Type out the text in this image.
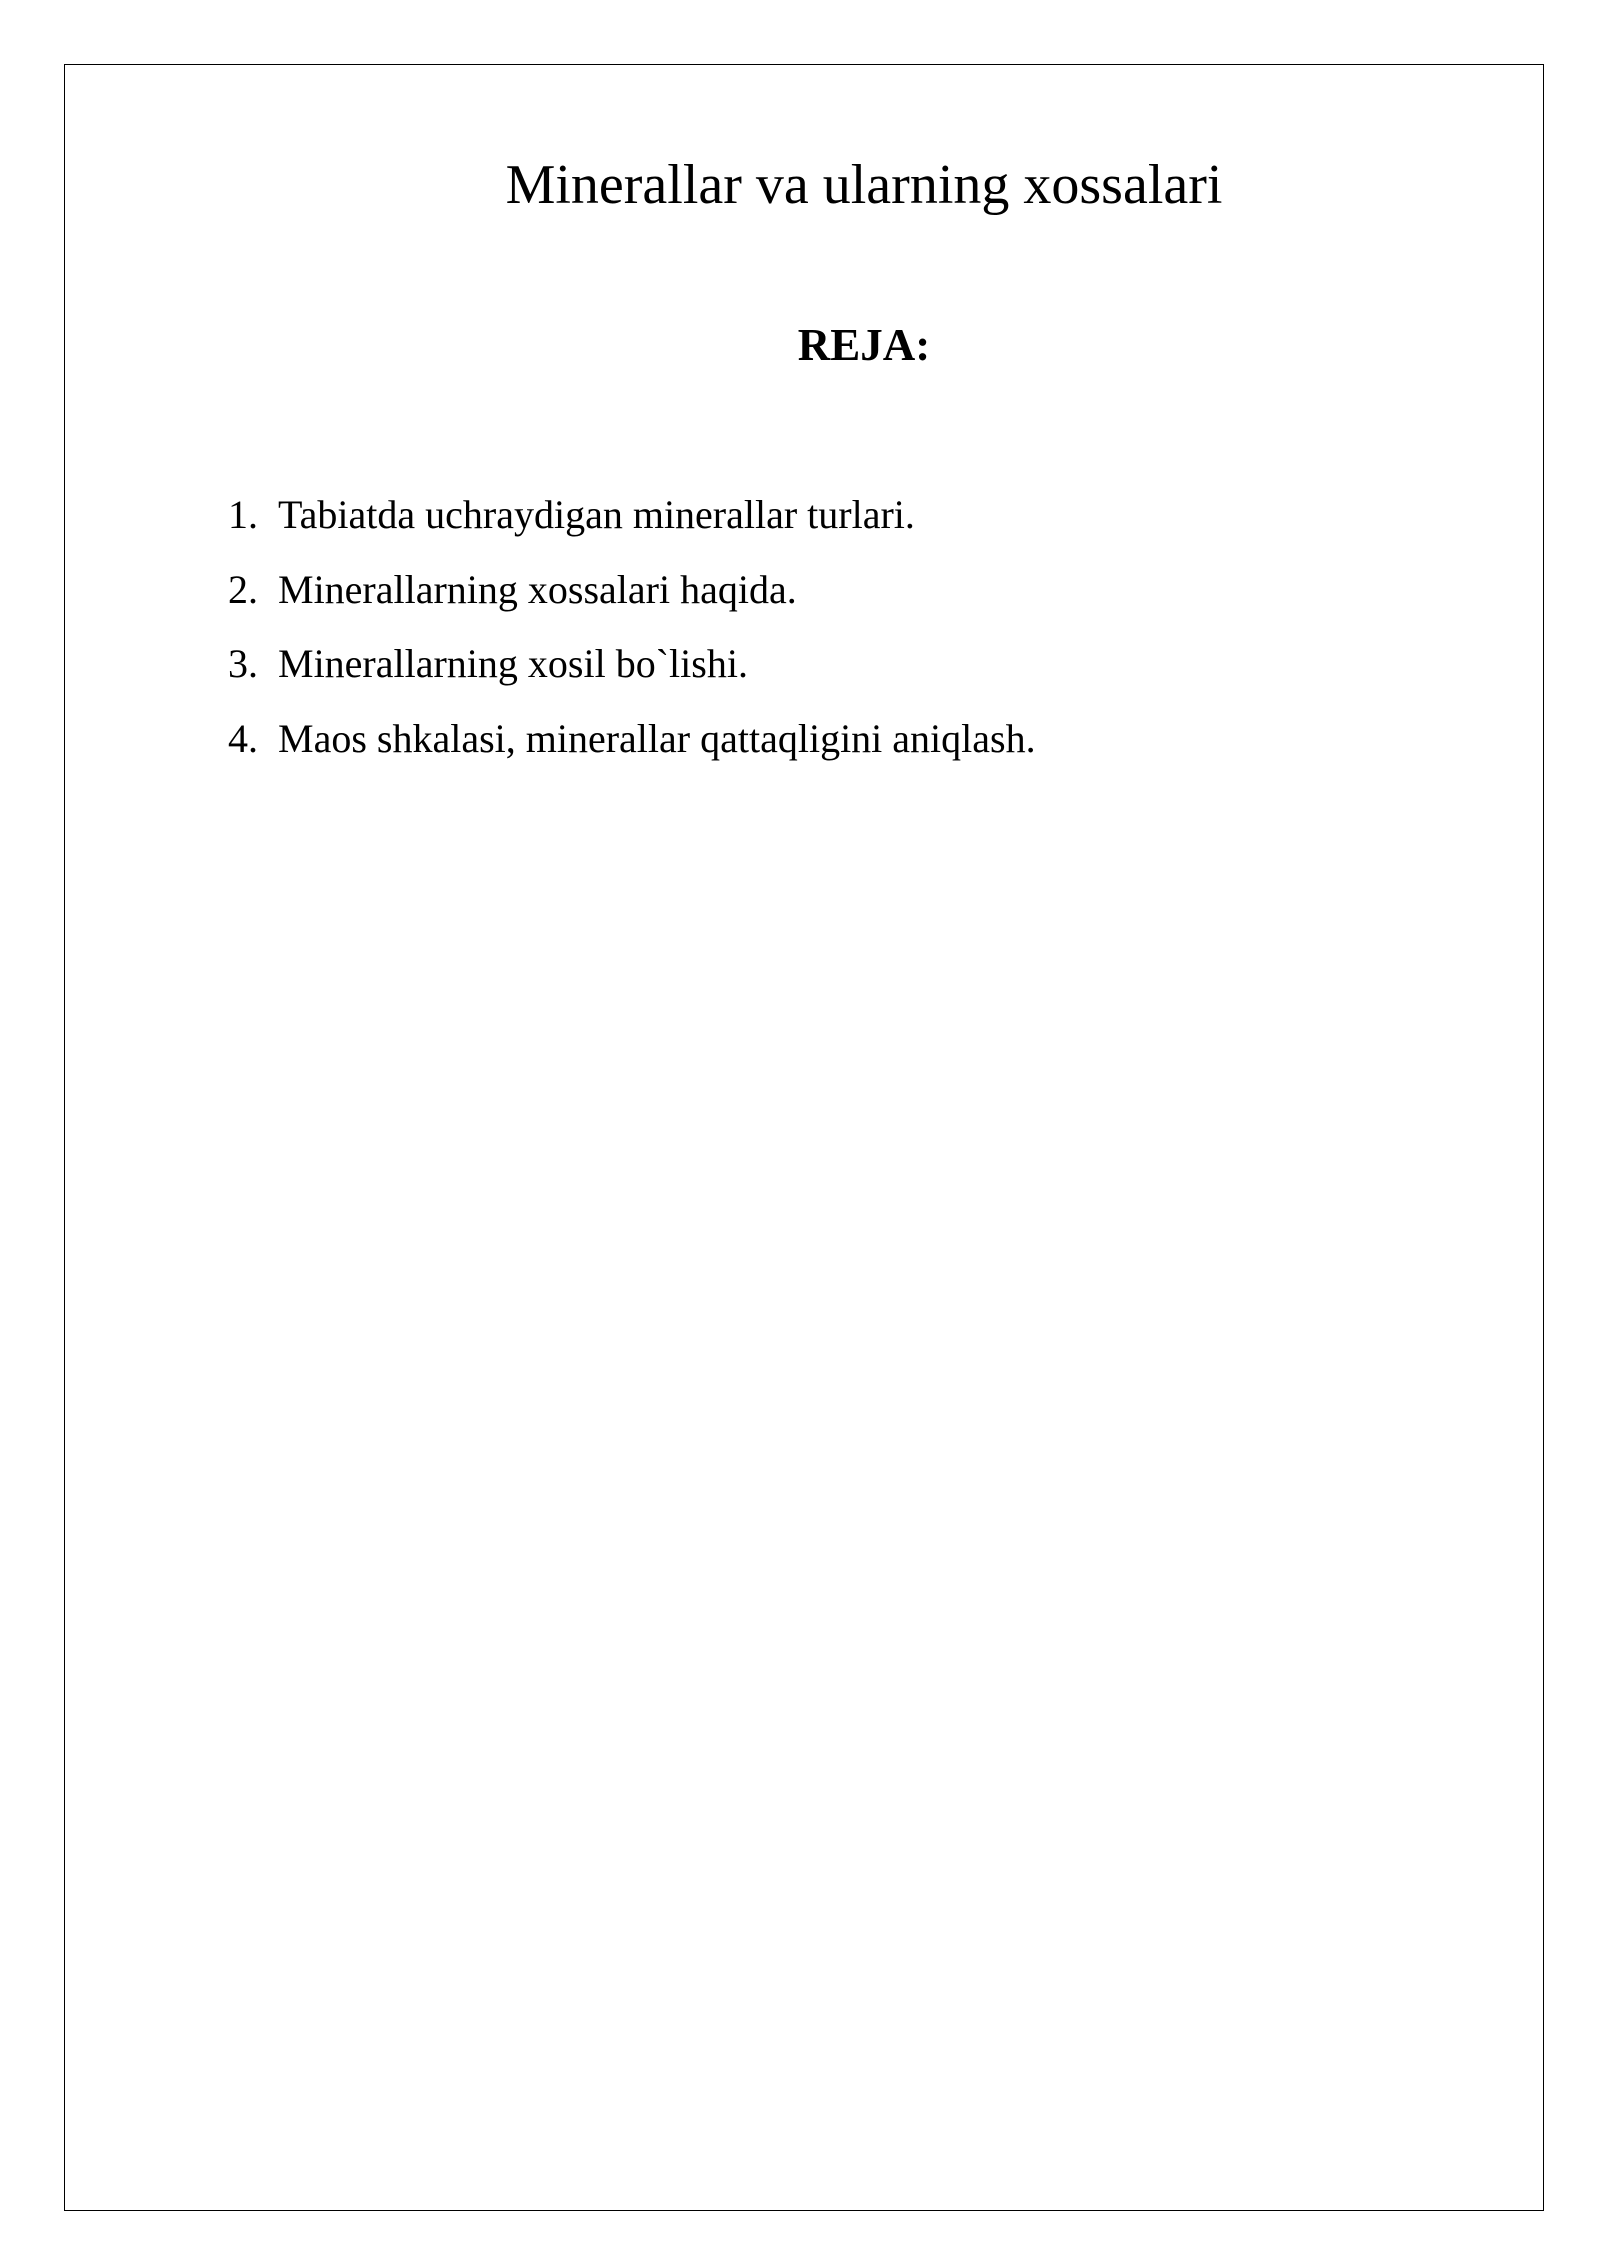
Minerallar va ularning xossalari
REJA:
1. Tabiatda uchraydigan minerallar turlari.
2. Minerallarning xossalari haqida.
3. Minerallarning xosil bo`lishi.
4. Maos shkalasi, minerallar qattaqligini aniqlash.
